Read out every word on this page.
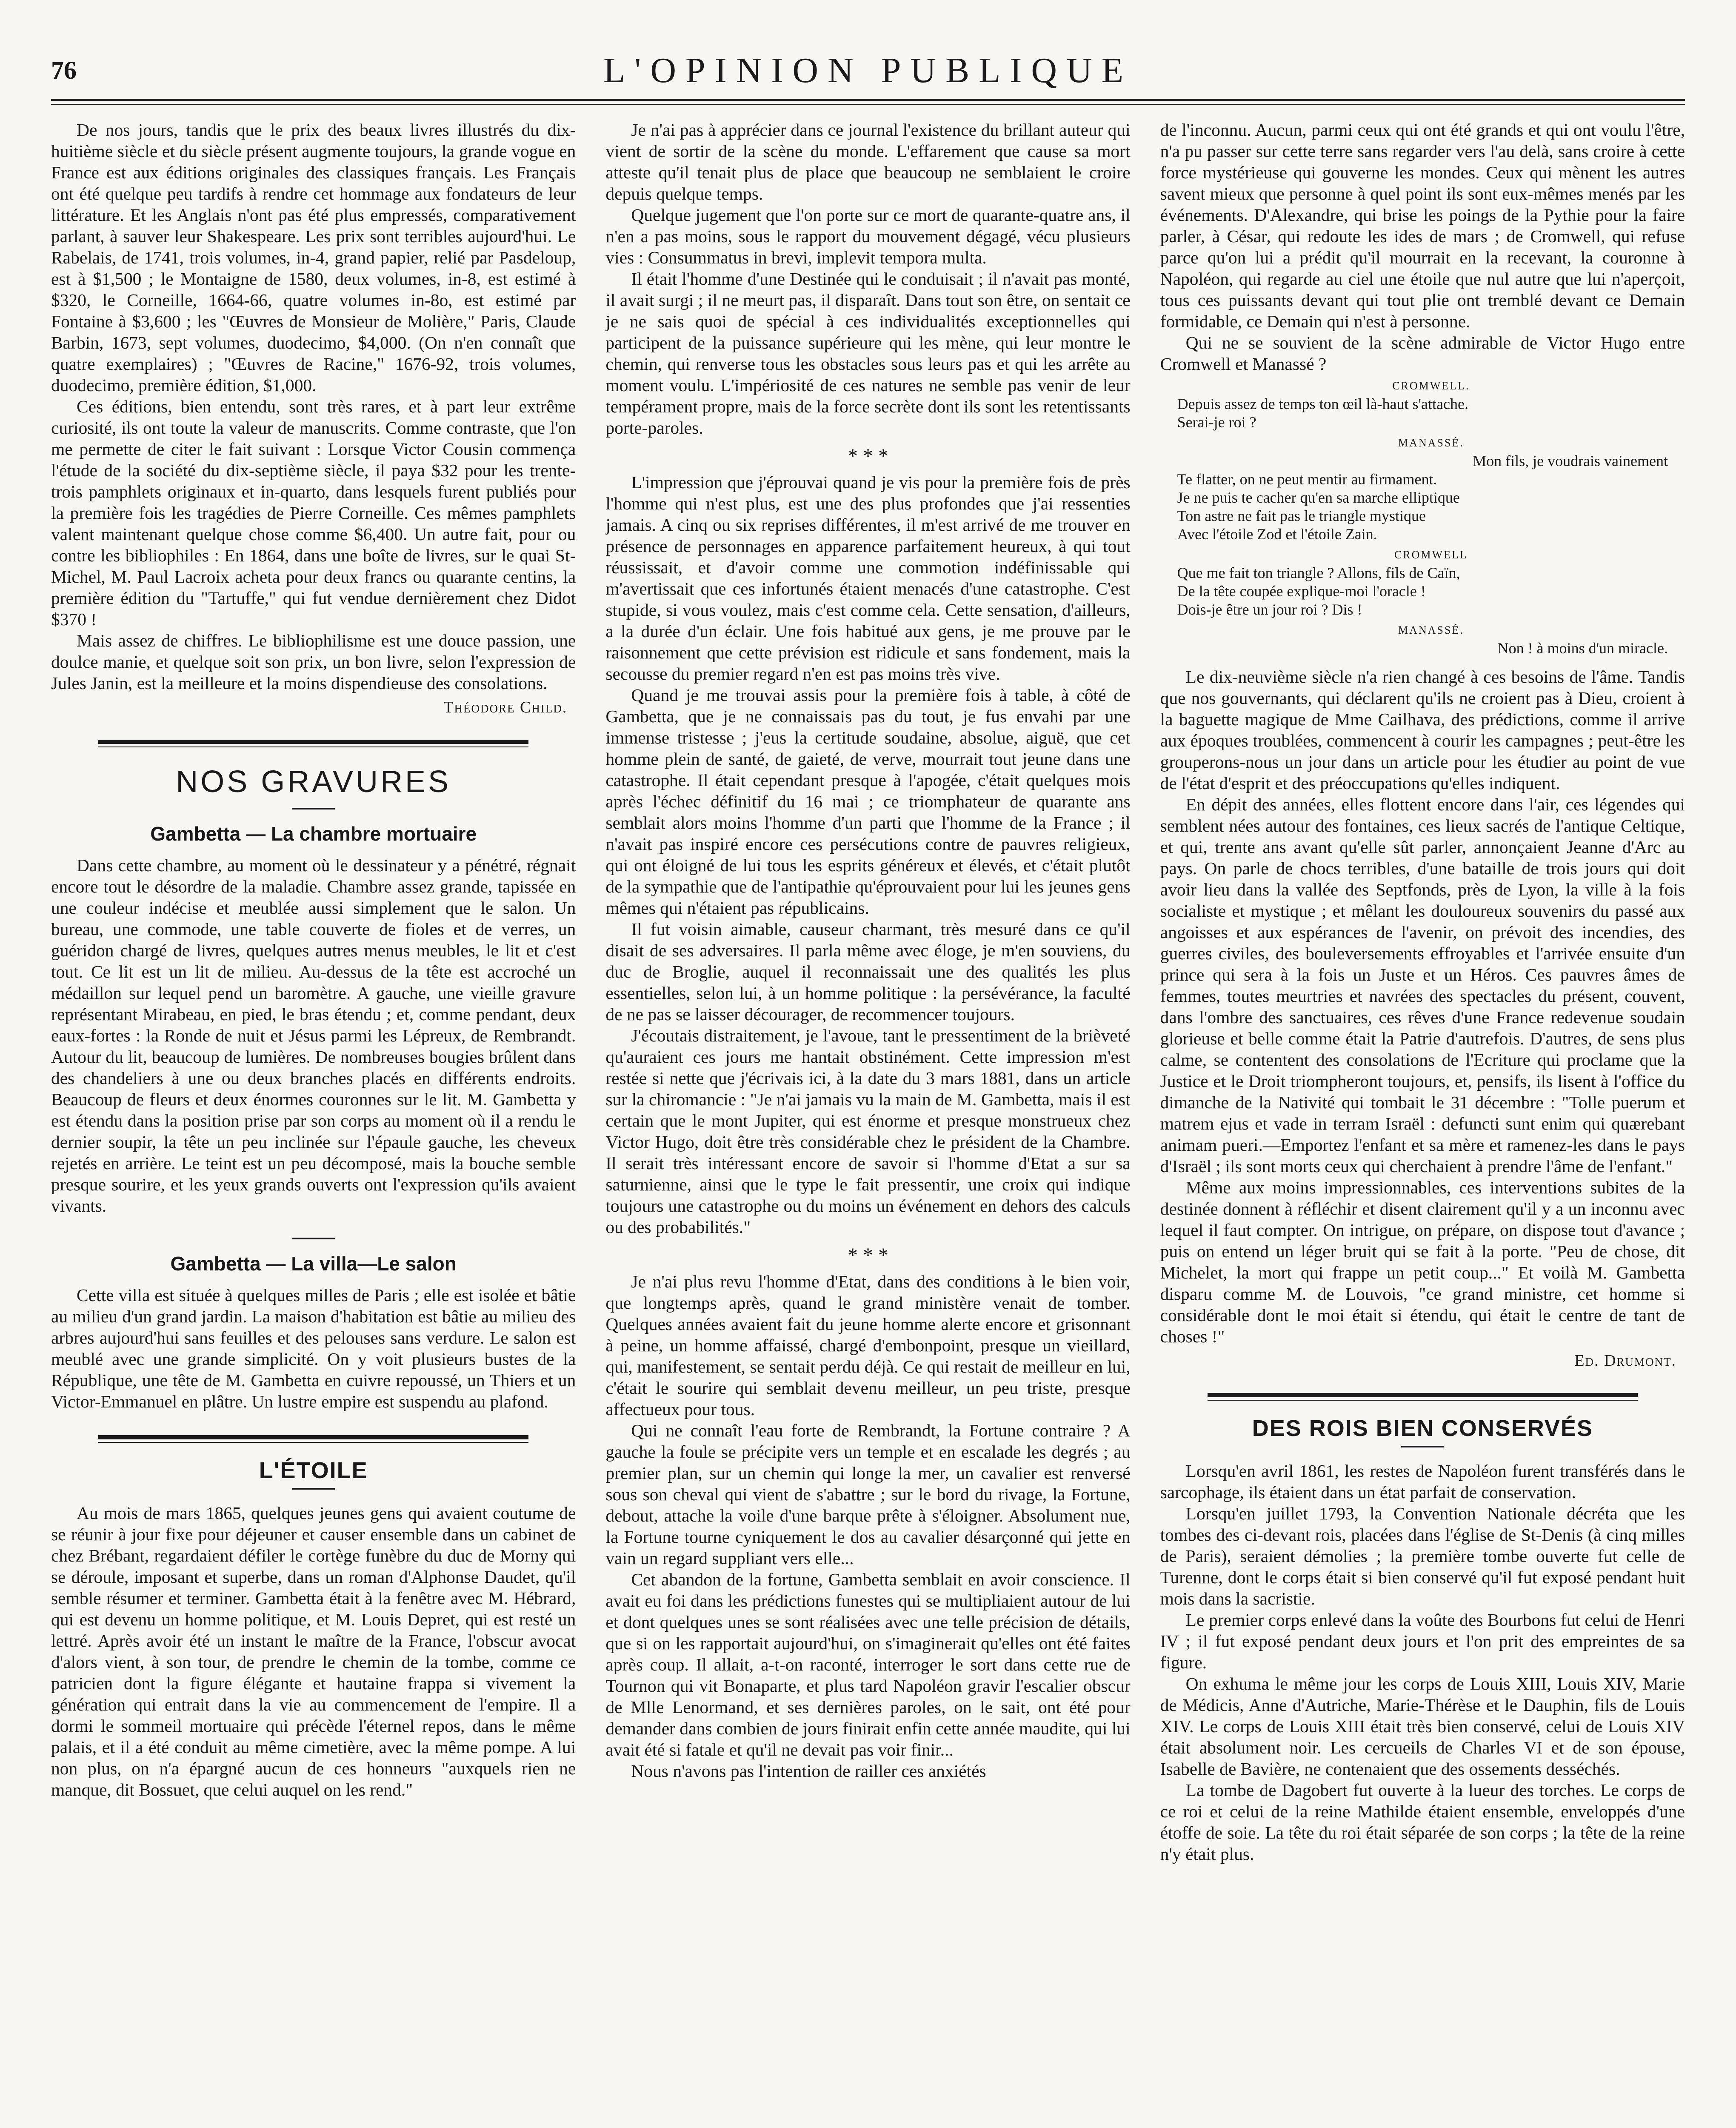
76	L'OPINION PUBLIQUE

De nos jours, tandis que le prix des beaux livres illustrés du dix-huitième siècle et du siècle présent augmente toujours, la grande vogue en France est aux éditions originales des classiques français. Les Français ont été quelque peu tardifs à rendre cet hommage aux fondateurs de leur littérature. Et les Anglais n'ont pas été plus empressés, comparativement parlant, à sauver leur Shakespeare. Les prix sont terribles aujourd'hui. Le Rabelais, de 1741, trois volumes, in-4, grand papier, relié par Pasdeloup, est à $1,500 ; le Montaigne de 1580, deux volumes, in-8, est estimé à $320, le Corneille, 1664-66, quatre volumes in-8o, est estimé par Fontaine à $3,600 ; les "Œuvres de Monsieur de Molière," Paris, Claude Barbin, 1673, sept volumes, duodecimo, $4,000. (On n'en connaît que quatre exemplaires) ; "Œuvres de Racine," 1676-92, trois volumes, duodecimo, première édition, $1,000.

Ces éditions, bien entendu, sont très rares, et à part leur extrême curiosité, ils ont toute la valeur de manuscrits. Comme contraste, que l'on me permette de citer le fait suivant : Lorsque Victor Cousin commença l'étude de la société du dix-septième siècle, il paya $32 pour les trente-trois pamphlets originaux et in-quarto, dans lesquels furent publiés pour la première fois les tragédies de Pierre Corneille. Ces mêmes pamphlets valent maintenant quelque chose comme $6,400. Un autre fait, pour ou contre les bibliophiles : En 1864, dans une boîte de livres, sur le quai St-Michel, M. Paul Lacroix acheta pour deux francs ou quarante centins, la première édition du "Tartuffe," qui fut vendue dernièrement chez Didot $370 !

Mais assez de chiffres. Le bibliophilisme est une douce passion, une doulce manie, et quelque soit son prix, un bon livre, selon l'expression de Jules Janin, est la meilleure et la moins dispendieuse des consolations.

Théodore Child.
NOS GRAVURES
Gambetta — La chambre mortuaire

Dans cette chambre, au moment où le dessinateur y a pénétré, régnait encore tout le désordre de la maladie. Chambre assez grande, tapissée en une couleur indécise et meublée aussi simplement que le salon. Un bureau, une commode, une table couverte de fioles et de verres, un guéridon chargé de livres, quelques autres menus meubles, le lit et c'est tout. Ce lit est un lit de milieu. Au-dessus de la tête est accroché un médaillon sur lequel pend un baromètre. A gauche, une vieille gravure représentant Mirabeau, en pied, le bras étendu ; et, comme pendant, deux eaux-fortes : la Ronde de nuit et Jésus parmi les Lépreux, de Rembrandt. Autour du lit, beaucoup de lumières. De nombreuses bougies brûlent dans des chandeliers à une ou deux branches placés en différents endroits. Beaucoup de fleurs et deux énormes couronnes sur le lit. M. Gambetta y est étendu dans la position prise par son corps au moment où il a rendu le dernier soupir, la tête un peu inclinée sur l'épaule gauche, les cheveux rejetés en arrière. Le teint est un peu décomposé, mais la bouche semble presque sourire, et les yeux grands ouverts ont l'expression qu'ils avaient vivants.

Gambetta — La villa—Le salon

Cette villa est située à quelques milles de Paris ; elle est isolée et bâtie au milieu d'un grand jardin. La maison d'habitation est bâtie au milieu des arbres aujourd'hui sans feuilles et des pelouses sans verdure. Le salon est meublé avec une grande simplicité. On y voit plusieurs bustes de la République, une tête de M. Gambetta en cuivre repoussé, un Thiers et un Victor-Emmanuel en plâtre. Un lustre empire est suspendu au plafond.

L'ÉTOILE

Au mois de mars 1865, quelques jeunes gens qui avaient coutume de se réunir à jour fixe pour déjeuner et causer ensemble dans un cabinet de chez Brébant, regardaient défiler le cortège funèbre du duc de Morny qui se déroule, imposant et superbe, dans un roman d'Alphonse Daudet, qu'il semble résumer et terminer. Gambetta était à la fenêtre avec M. Hébrard, qui est devenu un homme politique, et M. Louis Depret, qui est resté un lettré. Après avoir été un instant le maître de la France, l'obscur avocat d'alors vient, à son tour, de prendre le chemin de la tombe, comme ce patricien dont la figure élégante et hautaine frappa si vivement la génération qui entrait dans la vie au commencement de l'empire. Il a dormi le sommeil mortuaire qui précède l'éternel repos, dans le même palais, et il a été conduit au même cimetière, avec la même pompe. A lui non plus, on n'a épargné aucun de ces honneurs "auxquels rien ne manque, dit Bossuet, que celui auquel on les rend."

Je n'ai pas à apprécier dans ce journal l'existence du brillant auteur qui vient de sortir de la scène du monde. L'effarement que cause sa mort atteste qu'il tenait plus de place que beaucoup ne semblaient le croire depuis quelque temps.

Quelque jugement que l'on porte sur ce mort de quarante-quatre ans, il n'en a pas moins, sous le rapport du mouvement dégagé, vécu plusieurs vies : Consummatus in brevi, implevit tempora multa.

Il était l'homme d'une Destinée qui le conduisait ; il n'avait pas monté, il avait surgi ; il ne meurt pas, il disparaît. Dans tout son être, on sentait ce je ne sais quoi de spécial à ces individualités exceptionnelles qui participent de la puissance supérieure qui les mène, qui leur montre le chemin, qui renverse tous les obstacles sous leurs pas et qui les arrête au moment voulu. L'impériosité de ces natures ne semble pas venir de leur tempérament propre, mais de la force secrète dont ils sont les retentissants porte-paroles.

* * *

L'impression que j'éprouvai quand je vis pour la première fois de près l'homme qui n'est plus, est une des plus profondes que j'ai ressenties jamais. A cinq ou six reprises différentes, il m'est arrivé de me trouver en présence de personnages en apparence parfaitement heureux, à qui tout réussissait, et d'avoir comme une commotion indéfinissable qui m'avertissait que ces infortunés étaient menacés d'une catastrophe. C'est stupide, si vous voulez, mais c'est comme cela. Cette sensation, d'ailleurs, a la durée d'un éclair. Une fois habitué aux gens, je me prouve par le raisonnement que cette prévision est ridicule et sans fondement, mais la secousse du premier regard n'en est pas moins très vive.

Quand je me trouvai assis pour la première fois à table, à côté de Gambetta, que je ne connaissais pas du tout, je fus envahi par une immense tristesse ; j'eus la certitude soudaine, absolue, aiguë, que cet homme plein de santé, de gaieté, de verve, mourrait tout jeune dans une catastrophe. Il était cependant presque à l'apogée, c'était quelques mois après l'échec définitif du 16 mai ; ce triomphateur de quarante ans semblait alors moins l'homme d'un parti que l'homme de la France ; il n'avait pas inspiré encore ces persécutions contre de pauvres religieux, qui ont éloigné de lui tous les esprits généreux et élevés, et c'était plutôt de la sympathie que de l'antipathie qu'éprouvaient pour lui les jeunes gens mêmes qui n'étaient pas républicains.

Il fut voisin aimable, causeur charmant, très mesuré dans ce qu'il disait de ses adversaires. Il parla même avec éloge, je m'en souviens, du duc de Broglie, auquel il reconnaissait une des qualités les plus essentielles, selon lui, à un homme politique : la persévérance, la faculté de ne pas se laisser décourager, de recommencer toujours.

J'écoutais distraitement, je l'avoue, tant le pressentiment de la brièveté qu'auraient ces jours me hantait obstinément. Cette impression m'est restée si nette que j'écrivais ici, à la date du 3 mars 1881, dans un article sur la chiromancie : "Je n'ai jamais vu la main de M. Gambetta, mais il est certain que le mont Jupiter, qui est énorme et presque monstrueux chez Victor Hugo, doit être très considérable chez le président de la Chambre. Il serait très intéressant encore de savoir si l'homme d'Etat a sur sa saturnienne, ainsi que le type le fait pressentir, une croix qui indique toujours une catastrophe ou du moins un événement en dehors des calculs ou des probabilités."

* * *

Je n'ai plus revu l'homme d'Etat, dans des conditions à le bien voir, que longtemps après, quand le grand ministère venait de tomber. Quelques années avaient fait du jeune homme alerte encore et grisonnant à peine, un homme affaissé, chargé d'embonpoint, presque un vieillard, qui, manifestement, se sentait perdu déjà. Ce qui restait de meilleur en lui, c'était le sourire qui semblait devenu meilleur, un peu triste, presque affectueux pour tous.

Qui ne connaît l'eau forte de Rembrandt, la Fortune contraire ? A gauche la foule se précipite vers un temple et en escalade les degrés ; au premier plan, sur un chemin qui longe la mer, un cavalier est renversé sous son cheval qui vient de s'abattre ; sur le bord du rivage, la Fortune, debout, attache la voile d'une barque prête à s'éloigner. Absolument nue, la Fortune tourne cyniquement le dos au cavalier désarçonné qui jette en vain un regard suppliant vers elle...

Cet abandon de la fortune, Gambetta semblait en avoir conscience. Il avait eu foi dans les prédictions funestes qui se multipliaient autour de lui et dont quelques unes se sont réalisées avec une telle précision de détails, que si on les rapportait aujourd'hui, on s'imaginerait qu'elles ont été faites après coup. Il allait, a-t-on raconté, interroger le sort dans cette rue de Tournon qui vit Bonaparte, et plus tard Napoléon gravir l'escalier obscur de Mlle Lenormand, et ses dernières paroles, on le sait, ont été pour demander dans combien de jours finirait enfin cette année maudite, qui lui avait été si fatale et qu'il ne devait pas voir finir...

Nous n'avons pas l'intention de railler ces anxiétés

de l'inconnu. Aucun, parmi ceux qui ont été grands et qui ont voulu l'être, n'a pu passer sur cette terre sans regarder vers l'au delà, sans croire à cette force mystérieuse qui gouverne les mondes. Ceux qui mènent les autres savent mieux que personne à quel point ils sont eux-mêmes menés par les événements. D'Alexandre, qui brise les poings de la Pythie pour la faire parler, à César, qui redoute les ides de mars ; de Cromwell, qui refuse parce qu'on lui a prédit qu'il mourrait en la recevant, la couronne à Napoléon, qui regarde au ciel une étoile que nul autre que lui n'aperçoit, tous ces puissants devant qui tout plie ont tremblé devant ce Demain formidable, ce Demain qui n'est à personne.

Qui ne se souvient de la scène admirable de Victor Hugo entre Cromwell et Manassé ?

CROMWELL.

Depuis assez de temps ton œil là-haut s'attache.
Serai-je roi ?

MANASSÉ.

Mon fils, je voudrais vainement

Te flatter, on ne peut mentir au firmament.
Je ne puis te cacher qu'en sa marche elliptique
Ton astre ne fait pas le triangle mystique
Avec l'étoile Zod et l'étoile Zain.

CROMWELL

Que me fait ton triangle ? Allons, fils de Caïn,
De la tête coupée explique-moi l'oracle !
Dois-je être un jour roi ? Dis !

MANASSÉ.

Non ! à moins d'un miracle.

Le dix-neuvième siècle n'a rien changé à ces besoins de l'âme. Tandis que nos gouvernants, qui déclarent qu'ils ne croient pas à Dieu, croient à la baguette magique de Mme Cailhava, des prédictions, comme il arrive aux époques troublées, commencent à courir les campagnes ; peut-être les grouperons-nous un jour dans un article pour les étudier au point de vue de l'état d'esprit et des préoccupations qu'elles indiquent.

En dépit des années, elles flottent encore dans l'air, ces légendes qui semblent nées autour des fontaines, ces lieux sacrés de l'antique Celtique, et qui, trente ans avant qu'elle sût parler, annonçaient Jeanne d'Arc au pays. On parle de chocs terribles, d'une bataille de trois jours qui doit avoir lieu dans la vallée des Septfonds, près de Lyon, la ville à la fois socialiste et mystique ; et mêlant les douloureux souvenirs du passé aux angoisses et aux espérances de l'avenir, on prévoit des incendies, des guerres civiles, des bouleversements effroyables et l'arrivée ensuite d'un prince qui sera à la fois un Juste et un Héros. Ces pauvres âmes de femmes, toutes meurtries et navrées des spectacles du présent, couvent, dans l'ombre des sanctuaires, ces rêves d'une France redevenue soudain glorieuse et belle comme était la Patrie d'autrefois. D'autres, de sens plus calme, se contentent des consolations de l'Ecriture qui proclame que la Justice et le Droit triompheront toujours, et, pensifs, ils lisent à l'office du dimanche de la Nativité qui tombait le 31 décembre : "Tolle puerum et matrem ejus et vade in terram Israël : defuncti sunt enim qui quærebant animam pueri.—Emportez l'enfant et sa mère et ramenez-les dans le pays d'Israël ; ils sont morts ceux qui cherchaient à prendre l'âme de l'enfant."

Même aux moins impressionnables, ces interventions subites de la destinée donnent à réfléchir et disent clairement qu'il y a un inconnu avec lequel il faut compter. On intrigue, on prépare, on dispose tout d'avance ; puis on entend un léger bruit qui se fait à la porte. "Peu de chose, dit Michelet, la mort qui frappe un petit coup..." Et voilà M. Gambetta disparu comme M. de Louvois, "ce grand ministre, cet homme si considérable dont le moi était si étendu, qui était le centre de tant de choses !"

Ed. Drumont.
DES ROIS BIEN CONSERVÉS

Lorsqu'en avril 1861, les restes de Napoléon furent transférés dans le sarcophage, ils étaient dans un état parfait de conservation.

Lorsqu'en juillet 1793, la Convention Nationale décréta que les tombes des ci-devant rois, placées dans l'église de St-Denis (à cinq milles de Paris), seraient démolies ; la première tombe ouverte fut celle de Turenne, dont le corps était si bien conservé qu'il fut exposé pendant huit mois dans la sacristie.

Le premier corps enlevé dans la voûte des Bourbons fut celui de Henri IV ; il fut exposé pendant deux jours et l'on prit des empreintes de sa figure.

On exhuma le même jour les corps de Louis XIII, Louis XIV, Marie de Médicis, Anne d'Autriche, Marie-Thérèse et le Dauphin, fils de Louis XIV. Le corps de Louis XIII était très bien conservé, celui de Louis XIV était absolument noir. Les cercueils de Charles VI et de son épouse, Isabelle de Bavière, ne contenaient que des ossements desséchés.

La tombe de Dagobert fut ouverte à la lueur des torches. Le corps de ce roi et celui de la reine Mathilde étaient ensemble, enveloppés d'une étoffe de soie. La tête du roi était séparée de son corps ; la tête de la reine n'y était plus.
